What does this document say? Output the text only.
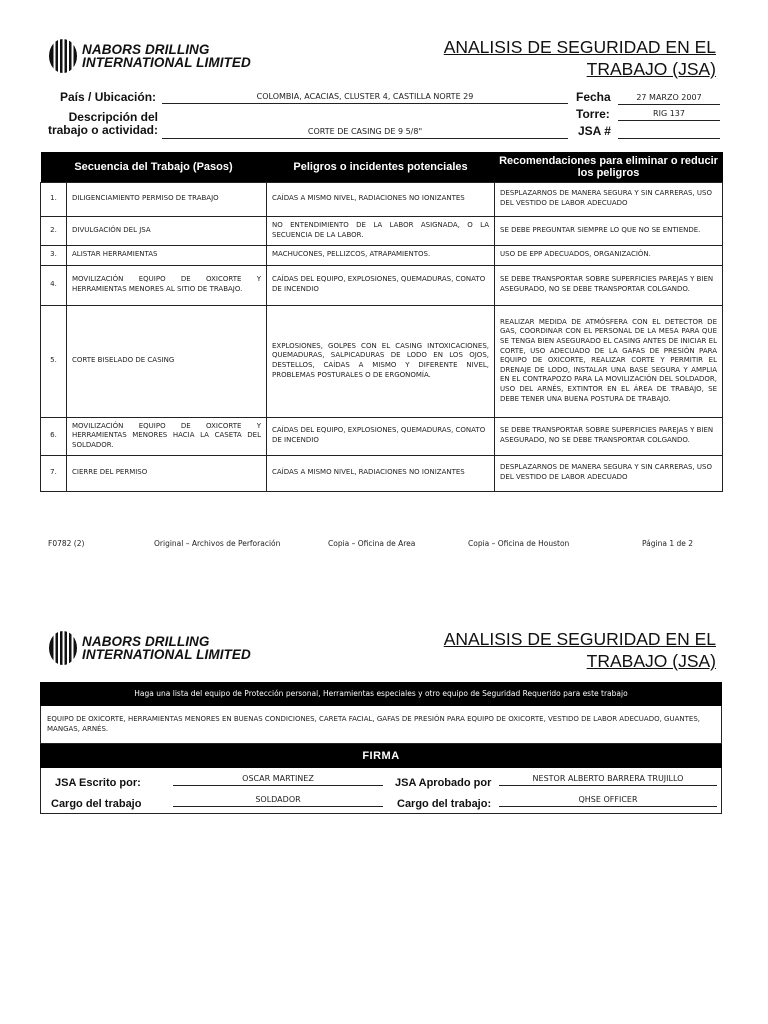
NABORS DRILLING
INTERNATIONAL LIMITED
ANALISIS DE SEGURIDAD EN EL
TRABAJO (JSA)
País / Ubicación:	COLOMBIA, ACACIAS, CLUSTER 4, CASTILLA NORTE 29
Descripción del
trabajo o actividad:	CORTE DE CASING DE 9 5/8"
Fecha	27 MARZO 2007
Torre:	RIG 137
JSA #
Secuencia del Trabajo (Pasos)		Peligros o incidentes potenciales	Recomendaciones para eliminar o reducir los peligros
1.	DILIGENCIAMIENTO PERMISO DE TRABAJO	CAÍDAS A MISMO NIVEL, RADIACIONES NO IONIZANTES	DESPLAZARNOS DE MANERA SEGURA Y SIN CARRERAS, USO DEL VESTIDO DE LABOR ADECUADO
2.	DIVULGACIÓN DEL JSA	NO ENTENDIMIENTO DE LA LABOR ASIGNADA, O LA SECUENCIA DE LA LABOR.	SE DEBE PREGUNTAR SIEMPRE LO QUE NO SE ENTIENDE.
3.	ALISTAR HERRAMIENTAS	MACHUCONES, PELLIZCOS, ATRAPAMIENTOS.	USO DE EPP ADECUADOS, ORGANIZACIÓN.
4.	MOVILIZACIÓN EQUIPO DE OXICORTE Y HERRAMIENTAS MENORES AL SITIO DE TRABAJO.	CAÍDAS DEL EQUIPO, EXPLOSIONES, QUEMADURAS, CONATO DE INCENDIO	SE DEBE TRANSPORTAR SOBRE SUPERFICIES PAREJAS Y BIEN ASEGURADO, NO SE DEBE TRANSPORTAR COLGANDO.
5.	CORTE BISELADO DE CASING	EXPLOSIONES, GOLPES CON EL CASING INTOXICACIONES, QUEMADURAS, SALPICADURAS DE LODO EN LOS OJOS, DESTELLOS, CAÍDAS A MISMO Y DIFERENTE NIVEL, PROBLEMAS POSTURALES O DE ERGONOMÍA.	REALIZAR MEDIDA DE ATMÓSFERA CON EL DETECTOR DE GAS, COORDINAR CON EL PERSONAL DE LA MESA PARA QUE SE TENGA BIEN ASEGURADO EL CASING ANTES DE INICIAR EL CORTE, USO ADECUADO DE LA GAFAS DE PRESIÓN PARA EQUIPO DE OXICORTE, REALIZAR CORTE Y PERMITIR EL DRENAJE DE LODO, INSTALAR UNA BASE SEGURA Y AMPLIA EN EL CONTRAPOZO PARA LA MOVILIZACIÓN DEL SOLDADOR, USO DEL ARNÉS, EXTINTOR EN EL ÁREA DE TRABAJO, SE DEBE TENER UNA BUENA POSTURA DE TRABAJO.
6.	MOVILIZACIÓN EQUIPO DE OXICORTE Y HERRAMIENTAS MENORES HACIA LA CASETA DEL SOLDADOR.	CAÍDAS DEL EQUIPO, EXPLOSIONES, QUEMADURAS, CONATO DE INCENDIO	SE DEBE TRANSPORTAR SOBRE SUPERFICIES PAREJAS Y BIEN ASEGURADO, NO SE DEBE TRANSPORTAR COLGANDO.
7.	CIERRE DEL PERMISO	CAÍDAS A MISMO NIVEL, RADIACIONES NO IONIZANTES	DESPLAZARNOS DE MANERA SEGURA Y SIN CARRERAS, USO DEL VESTIDO DE LABOR ADECUADO
F0782 (2)	Original – Archivos de Perforación	Copia – Oficina de Area	Copia – Oficina de Houston	Página 1 de 2
NABORS DRILLING
INTERNATIONAL LIMITED
ANALISIS DE SEGURIDAD EN EL
TRABAJO (JSA)
Haga una lista del equipo de Protección personal, Herramientas especiales y otro equipo de Seguridad Requerido para este trabajo
EQUIPO DE OXICORTE, HERRAMIENTAS MENORES EN BUENAS CONDICIONES, CARETA FACIAL, GAFAS DE PRESIÓN PARA EQUIPO DE OXICORTE, VESTIDO DE LABOR ADECUADO, GUANTES, MANGAS, ARNÉS.
FIRMA
JSA Escrito por:	OSCAR MARTINEZ
Cargo del trabajo	SOLDADOR
JSA Aprobado por	NESTOR ALBERTO BARRERA TRUJILLO
Cargo del trabajo:	QHSE OFFICER
